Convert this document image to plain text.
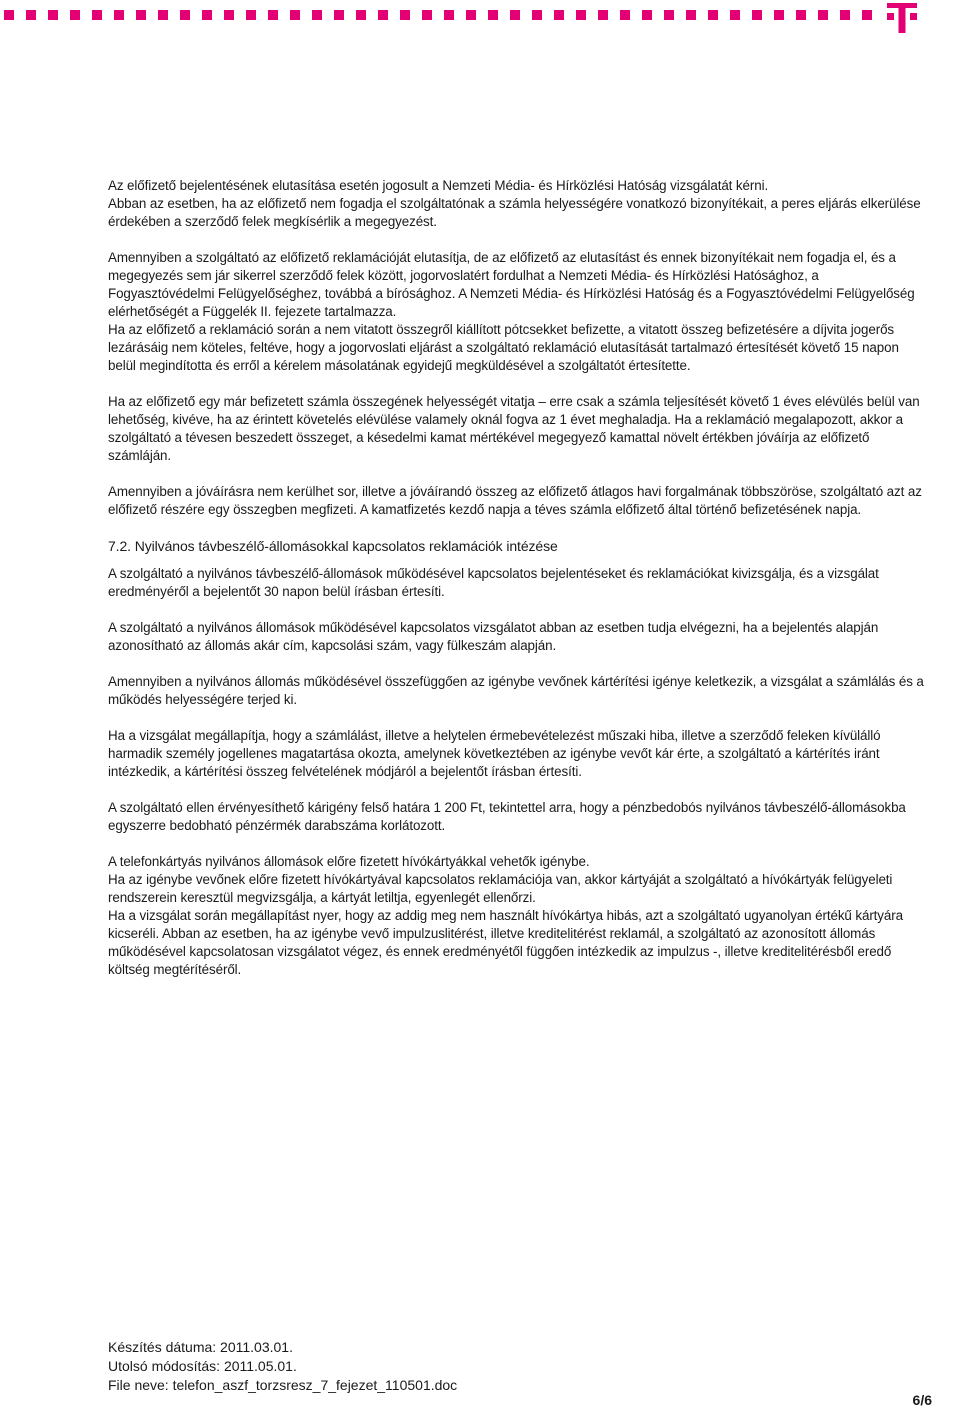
Az előfizető bejelentésének elutasítása esetén jogosult a Nemzeti Média- és Hírközlési Hatóság vizsgálatát kérni.

Abban az esetben, ha az előfizető nem fogadja el szolgáltatónak a számla helyességére vonatkozó bizonyítékait, a peres eljárás elkerülése érdekében a szerződő felek megkísérlik a megegyezést.

Amennyiben a szolgáltató az előfizető reklamációját elutasítja, de az előfizető az elutasítást és ennek bizonyítékait nem fogadja el, és a megegyezés sem jár sikerrel szerződő felek között, jogorvoslatért fordulhat a Nemzeti Média- és Hírközlési Hatósághoz, a Fogyasztóvédelmi Felügyelőséghez, továbbá a bírósághoz. A Nemzeti Média- és Hírközlési Hatóság és a Fogyasztóvédelmi Felügyelőség elérhetőségét a Függelék II. fejezete tartalmazza.

Ha az előfizető a reklamáció során a nem vitatott összegről kiállított pótcsekket befizette, a vitatott összeg befizetésére a díjvita jogerős lezárásáig nem köteles, feltéve, hogy a jogorvoslati eljárást a szolgáltató reklamáció elutasítását tartalmazó értesítését követő 15 napon belül megindította és erről a kérelem másolatának egyidejű megküldésével a szolgáltatót értesítette.

Ha az előfizető egy már befizetett számla összegének helyességét vitatja – erre csak a számla teljesítését követő 1 éves elévülés belül van lehetőség, kivéve, ha az érintett követelés elévülése valamely oknál fogva az 1 évet meghaladja. Ha a reklamáció megalapozott, akkor a szolgáltató a tévesen beszedett összeget, a késedelmi kamat mértékével megegyező kamattal növelt értékben jóváírja az előfizető számláján.

Amennyiben a jóváírásra nem kerülhet sor, illetve a jóváírandó összeg az előfizető átlagos havi forgalmának többszöröse, szolgáltató azt az előfizető részére egy összegben megfizeti. A kamatfizetés kezdő napja a téves számla előfizető által történő befizetésének napja.

7.2. Nyilvános távbeszélő-állomásokkal kapcsolatos reklamációk intézése

A szolgáltató a nyilvános távbeszélő-állomások működésével kapcsolatos bejelentéseket és reklamációkat kivizsgálja, és a vizsgálat eredményéről a bejelentőt 30 napon belül írásban értesíti.

A szolgáltató a nyilvános állomások működésével kapcsolatos vizsgálatot abban az esetben tudja elvégezni, ha a bejelentés alapján azonosítható az állomás akár cím, kapcsolási szám, vagy fülkeszám alapján.

Amennyiben a nyilvános állomás működésével összefüggően az igénybe vevőnek kártérítési igénye keletkezik, a vizsgálat a számlálás és a működés helyességére terjed ki.

Ha a vizsgálat megállapítja, hogy a számlálást, illetve a helytelen érmebevételezést műszaki hiba, illetve a szerződő feleken kívülálló harmadik személy jogellenes magatartása okozta, amelynek következtében az igénybe vevőt kár érte, a szolgáltató a kártérítés iránt intézkedik, a kártérítési összeg felvételének módjáról a bejelentőt írásban értesíti.

A szolgáltató ellen érvényesíthető kárigény felső határa 1 200 Ft, tekintettel arra, hogy a pénzbedobós nyilvános távbeszélő-állomásokba egyszerre bedobható pénzérmék darabszáma korlátozott.

A telefonkártyás nyilvános állomások előre fizetett hívókártyákkal vehetők igénybe.

Ha az igénybe vevőnek előre fizetett hívókártyával kapcsolatos reklamációja van, akkor kártyáját a szolgáltató a hívókártyák felügyeleti rendszerein keresztül megvizsgálja, a kártyát letiltja, egyenlegét ellenőrzi.

Ha a vizsgálat során megállapítást nyer, hogy az addig meg nem használt hívókártya hibás, azt a szolgáltató ugyanolyan értékű kártyára kicseréli. Abban az esetben, ha az igénybe vevő impulzuslitérést, illetve kreditelitérést reklamál, a szolgáltató az azonosított állomás működésével kapcsolatosan vizsgálatot végez, és ennek eredményétől függően intézkedik az impulzus -, illetve kreditelitérésből eredő költség megtérítéséről.

Készítés dátuma: 2011.03.01.
Utolsó módosítás: 2011.05.01.
File neve: telefon_aszf_torzsresz_7_fejezet_110501.doc
6/6
